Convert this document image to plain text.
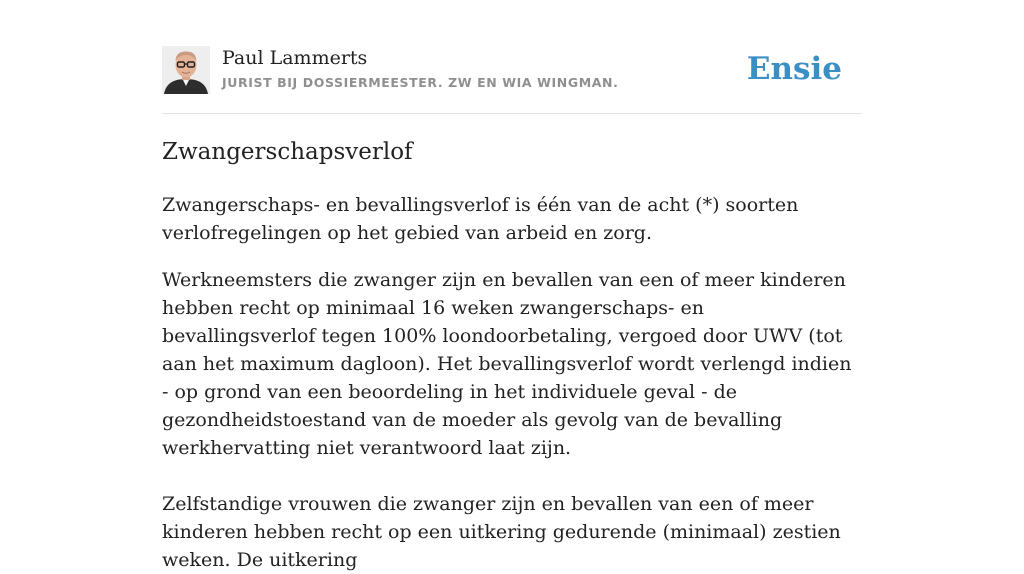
Paul Lammerts
JURIST BIJ DOSSIERMEESTER. ZW EN WIA WINGMAN.	Ensie
Zwangerschapsverlof

Zwangerschaps- en bevallingsverlof is één van de acht (*) soorten verlofregelingen op het gebied van arbeid en zorg.

Werkneemsters die zwanger zijn en bevallen van een of meer kinderen hebben recht op minimaal 16 weken zwangerschaps- en bevallingsverlof tegen 100% loondoorbetaling, vergoed door UWV (tot aan het maximum dagloon). Het bevallingsverlof wordt verlengd indien - op grond van een beoordeling in het individuele geval - de gezondheidstoestand van de moeder als gevolg van de bevalling werkhervatting niet verantwoord laat zijn.

Zelfstandige vrouwen die zwanger zijn en bevallen van een of meer kinderen hebben recht op een uitkering gedurende (minimaal) zestien weken. De uitkering
